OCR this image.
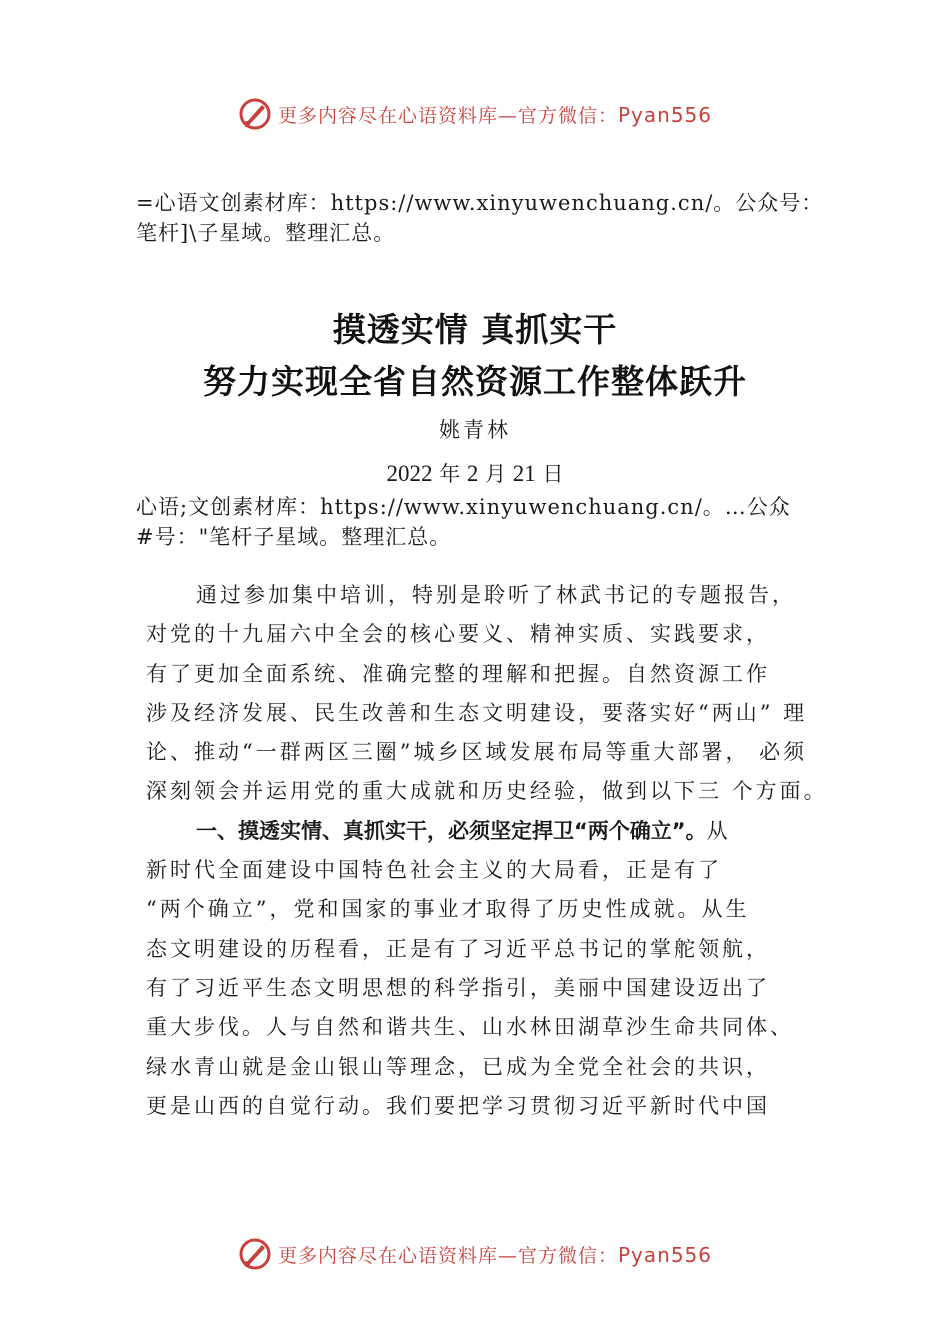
更多内容尽在心语资料库—官方微信：Pyan556
=心语文创素材库：https://www.xinyuwenchuang.cn/。公众号：
笔杆]\子星域。整理汇总。
摸透实情 真抓实干
努力实现全省自然资源工作整体跃升
姚青林
2022 年 2 月 21 日
心语;文创素材库：https://www.xinyuwenchuang.cn/。…公众
#号："笔杆子星域。整理汇总。
通过参加集中培训，特别是聆听了林武书记的专题报告，
对党的十九届六中全会的核心要义、精神实质、实践要求，
有了更加全面系统、准确完整的理解和把握。自然资源工作
涉及经济发展、民生改善和生态文明建设，要落实好“两山” 理
论、推动“一群两区三圈”城乡区域发展布局等重大部署， 必须
深刻领会并运用党的重大成就和历史经验，做到以下三 个方面。
一、摸透实情、真抓实干，必须坚定捍卫“两个确立”。从
新时代全面建设中国特色社会主义的大局看，正是有了
“两个确立”，党和国家的事业才取得了历史性成就。从生
态文明建设的历程看，正是有了习近平总书记的掌舵领航，
有了习近平生态文明思想的科学指引，美丽中国建设迈出了
重大步伐。人与自然和谐共生、山水林田湖草沙生命共同体、
绿水青山就是金山银山等理念，已成为全党全社会的共识，
更是山西的自觉行动。我们要把学习贯彻习近平新时代中国
更多内容尽在心语资料库—官方微信：Pyan556
